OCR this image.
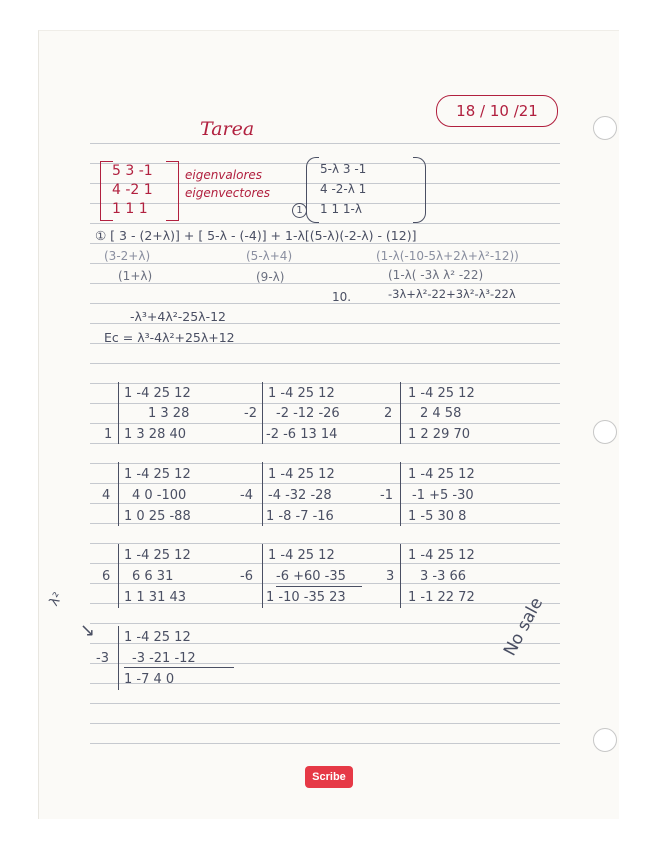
18 / 10 /21
Tarea
5 3 -1
4 -2 1
1 1 1
eigenvalores
eigenvectores
5-λ 3 -1
4 -2-λ 1
1 1 1-λ
1
① [ 3 - (2+λ)] + [ 5-λ - (-4)] + 1-λ[(5-λ)(-2-λ) - (12)]
(3-2+λ)	(5-λ+4)	(1-λ(-10-5λ+2λ+λ²-12))
(1+λ)	(9-λ)	(1-λ( -3λ λ² -22)
10.	-3λ+λ²-22+3λ²-λ³-22λ
-λ³+4λ²-25λ-12
Ec = λ³-4λ²+25λ+12

1 -4 25 12
1 3 28
1 3 28 40
1
1 -4 25 12
-2 -12 -26
-2 -6 13 14
-2
1 -4 25 12
2 4 58
1 2 29 70
2
1 -4 25 12
4 0 -100
1 0 25 -88
4
1 -4 25 12
-4 -32 -28
1 -8 -7 -16
-4
1 -4 25 12
-1 +5 -30
1 -5 30 8
-1
1 -4 25 12
6 6 31
1 1 31 43
6
1 -4 25 12
-6 +60 -35
1 -10 -35 23
-6
1 -4 25 12
3 -3 66
1 -1 22 72
3
1 -4 25 12
-3 -21 -12
1 -7 4 0
-3
λ²
↘	No sale
Scribe
